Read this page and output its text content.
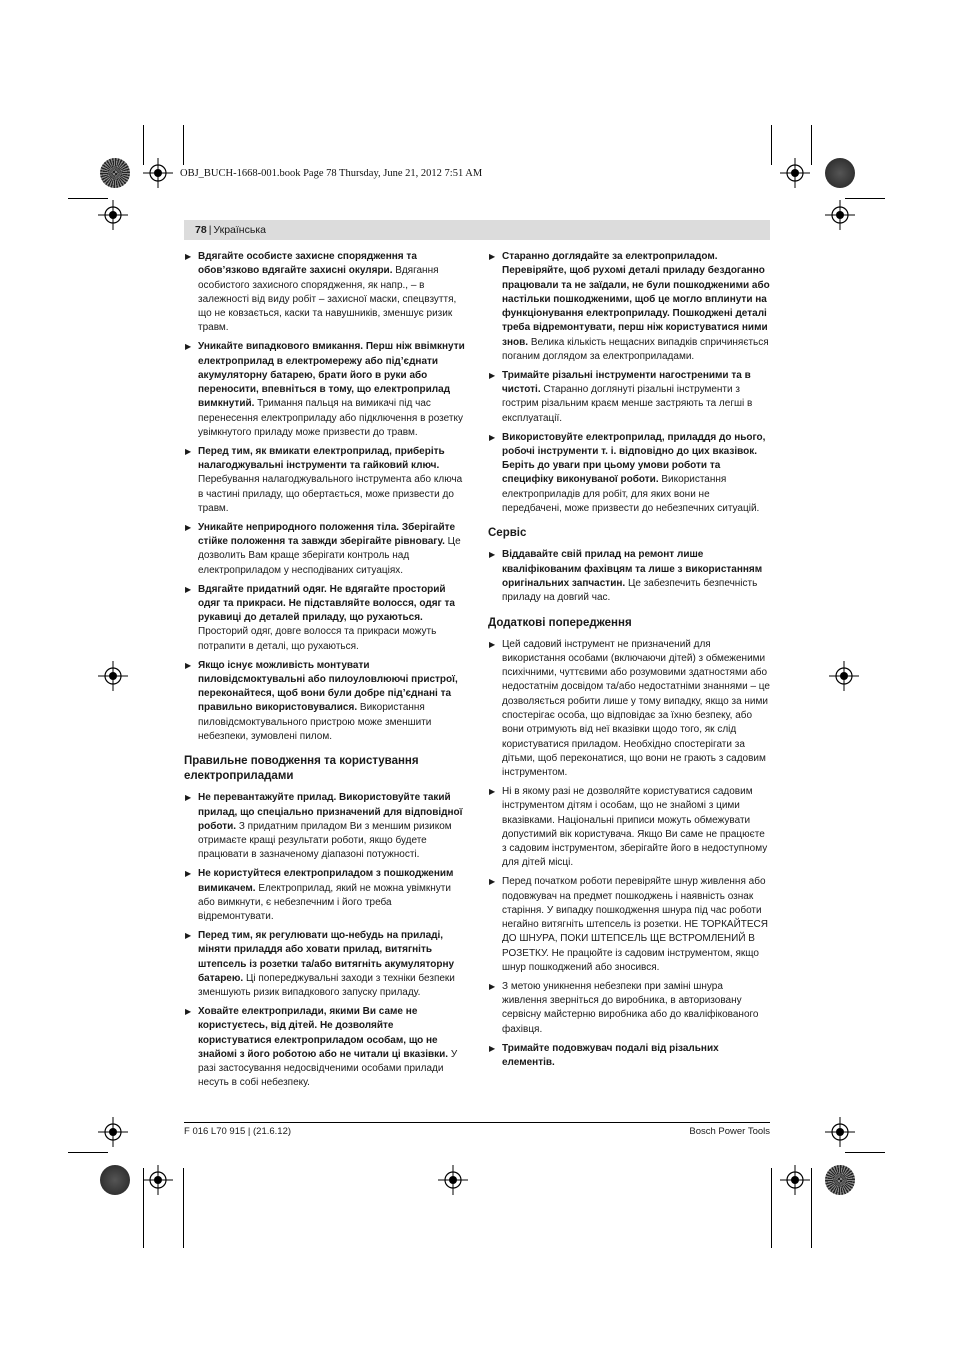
OBJ_BUCH-1668-001.book Page 78 Thursday, June 21, 2012 7:51 AM
78 | Українська
▶ Вдягайте особисте захисне спорядження та обов’язково вдягайте захисні окуляри. Вдягання особистого захисного спорядження, як напр., – в залежності від виду робіт – захисної маски, спецвзуття, що не ковзається, каски та навушників, зменшує ризик травм.
▶ Уникайте випадкового вмикання. Перш ніж ввімкнути електроприлад в електромережу або під’єднати акумуляторну батарею, брати його в руки або переносити, впевніться в тому, що електроприлад вимкнутий. Тримання пальця на вимикачі під час перенесення електроприладу або підключення в розетку увімкнутого приладу може призвести до травм.
▶ Перед тим, як вмикати електроприлад, приберіть налагоджувальні інструменти та гайковий ключ. Перебування налагоджувального інструмента або ключа в частині приладу, що обертається, може призвести до травм.
▶ Уникайте неприродного положення тіла. Зберігайте стійке положення та завжди зберігайте рівновагу. Це дозволить Вам краще зберігати контроль над електроприладом у несподіваних ситуаціях.
▶ Вдягайте придатний одяг. Не вдягайте просторий одяг та прикраси. Не підставляйте волосся, одяг та рукавиці до деталей приладу, що рухаються. Просторий одяг, довге волосся та прикраси можуть потрапити в деталі, що рухаються.
▶ Якщо існує можливість монтувати пиловідсмоктувальні або пилоуловлюючі пристрої, переконайтеся, щоб вони були добре під’єднані та правильно використовувалися. Використання пиловідсмоктувального пристрою може зменшити небезпеки, зумовлені пилом.
Правильне поводження та користування електроприладами
▶ Не перевантажуйте прилад. Використовуйте такий прилад, що спеціально призначений для відповідної роботи. З придатним приладом Ви з меншим ризиком отримаєте кращі результати роботи, якщо будете працювати в зазначеному діапазоні потужності.
▶ Не користуйтеся електроприладом з пошкодженим вимикачем. Електроприлад, який не можна увімкнути або вимкнути, є небезпечним і його треба відремонтувати.
▶ Перед тим, як регулювати що-небудь на приладі, міняти приладдя або ховати прилад, витягніть штепсель із розетки та/або витягніть акумуляторну батарею. Ці попереджувальні заходи з техніки безпеки зменшують ризик випадкового запуску приладу.
▶ Ховайте електроприлади, якими Ви саме не користуєтесь, від дітей. Не дозволяйте користуватися електроприладом особам, що не знайомі з його роботою або не читали ці вказівки. У разі застосування недосвідченими особами прилади несуть в собі небезпеку.
▶ Старанно доглядайте за електроприладом. Перевіряйте, щоб рухомі деталі приладу бездоганно працювали та не заїдали, не були пошкодженими або настільки пошкодженими, щоб це могло вплинути на функціонування електроприладу. Пошкоджені деталі треба відремонтувати, перш ніж користуватися ними знов. Велика кількість нещасних випадків спричиняється поганим доглядом за електроприладами.
▶ Тримайте різальні інструменти нагостреними та в чистоті. Старанно доглянуті різальні інструменти з гострим різальним краєм менше застряють та легші в експлуатації.
▶ Використовуйте електроприлад, приладдя до нього, робочі інструменти т. і. відповідно до цих вказівок. Беріть до уваги при цьому умови роботи та специфіку виконуваної роботи. Використання електроприладів для робіт, для яких вони не передбачені, може призвести до небезпечних ситуацій.
Сервіс
▶ Віддавайте свій прилад на ремонт лише кваліфікованим фахівцям та лише з використанням оригінальних запчастин. Це забезпечить безпечність приладу на довгий час.
Додаткові попередження
▶ Цей садовий інструмент не призначений для використання особами (включаючи дітей) з обмеженими психічними, чуттєвими або розумовими здатностями або недостатнім досвідом та/або недостатніми знаннями – це дозволяється робити лише у тому випадку, якщо за ними спостерігає особа, що відповідає за їхню безпеку, або вони отримують від неї вказівки щодо того, як слід користуватися приладом. Необхідно спостерігати за дітьми, щоб переконатися, що вони не грають з садовим інструментом.
▶ Ні в якому разі не дозволяйте користуватися садовим інструментом дітям і особам, що не знайомі з цими вказівками. Національні приписи можуть обмежувати допустимий вік користувача. Якщо Ви саме не працюєте з садовим інструментом, зберігайте його в недоступному для дітей місці.
▶ Перед початком роботи перевіряйте шнур живлення або подовжувач на предмет пошкоджень і наявність ознак старіння. У випадку пошкодження шнура під час роботи негайно витягніть штепсель із розетки. НЕ ТОРКАЙТЕСЯ ДО ШНУРА, ПОКИ ШТЕПСЕЛЬ ЩЕ ВСТРОМЛЕНИЙ В РОЗЕТКУ. Не працюйте із садовим інструментом, якщо шнур пошкоджений або зносився.
▶ З метою уникнення небезпеки при заміні шнура живлення зверніться до виробника, в авторизовану сервісну майстерню виробника або до кваліфікованого фахівця.
▶ Тримайте подовжувач подалі від різальних елементів.
F 016 L70 915 | (21.6.12)	Bosch Power Tools
